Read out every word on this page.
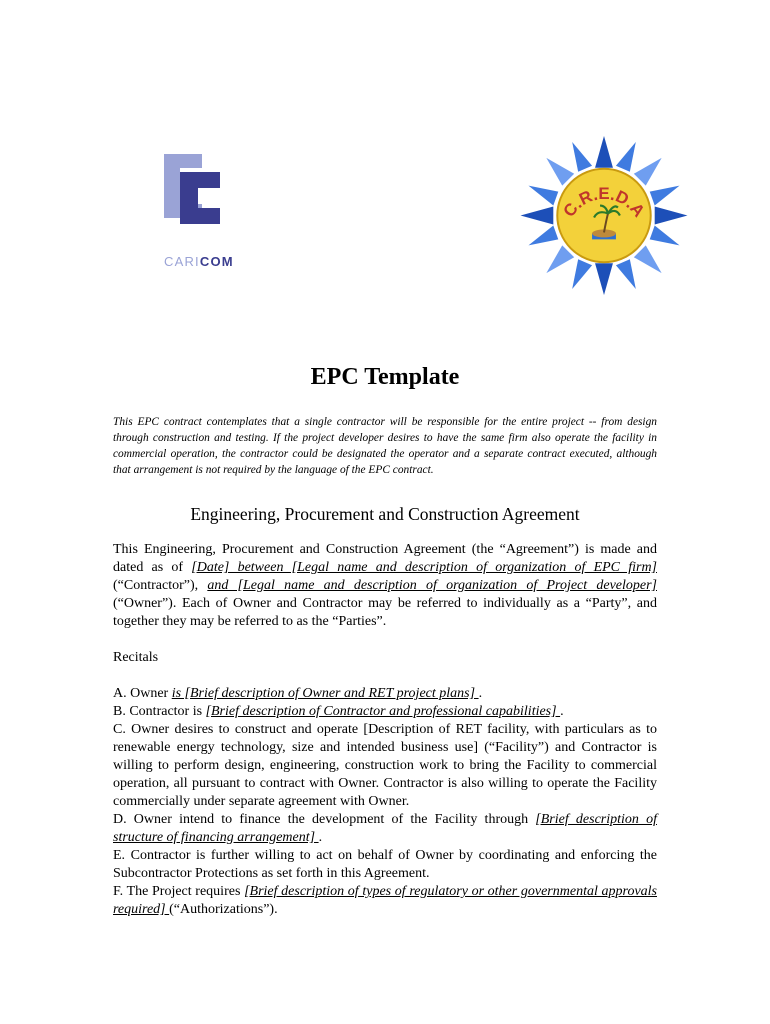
CARICOM
C.R.E.D.A
EPC Template
This EPC contract contemplates that a single contractor will be responsible for the entire project -- from design through construction and testing. If the project developer desires to have the same firm also operate the facility in commercial operation, the contractor could be designated the operator and a separate contract executed, although that arrangement is not required by the language of the EPC contract.
Engineering, Procurement and Construction Agreement

This Engineering, Procurement and Construction Agreement (the “Agreement”) is made and dated as of [Date] between [Legal name and description of organization of EPC firm] (“Contractor”), and [Legal name and description of organization of Project developer] (“Owner”). Each of Owner and Contractor may be referred to individually as a “Party”, and together they may be referred to as the “Parties”.

Recitals

A. Owner is [Brief description of Owner and RET project plans] .

B. Contractor is [Brief description of Contractor and professional capabilities] .

C. Owner desires to construct and operate [Description of RET facility, with particulars as to renewable energy technology, size and intended business use] (“Facility”) and Contractor is willing to perform design, engineering, construction work to bring the Facility to commercial operation, all pursuant to contract with Owner. Contractor is also willing to operate the Facility commercially under separate agreement with Owner.

D. Owner intend to finance the development of the Facility through [Brief description of structure of financing arrangement] .

E. Contractor is further willing to act on behalf of Owner by coordinating and enforcing the Subcontractor Protections as set forth in this Agreement.

F. The Project requires [Brief description of types of regulatory or other governmental approvals required] (“Authorizations”).
